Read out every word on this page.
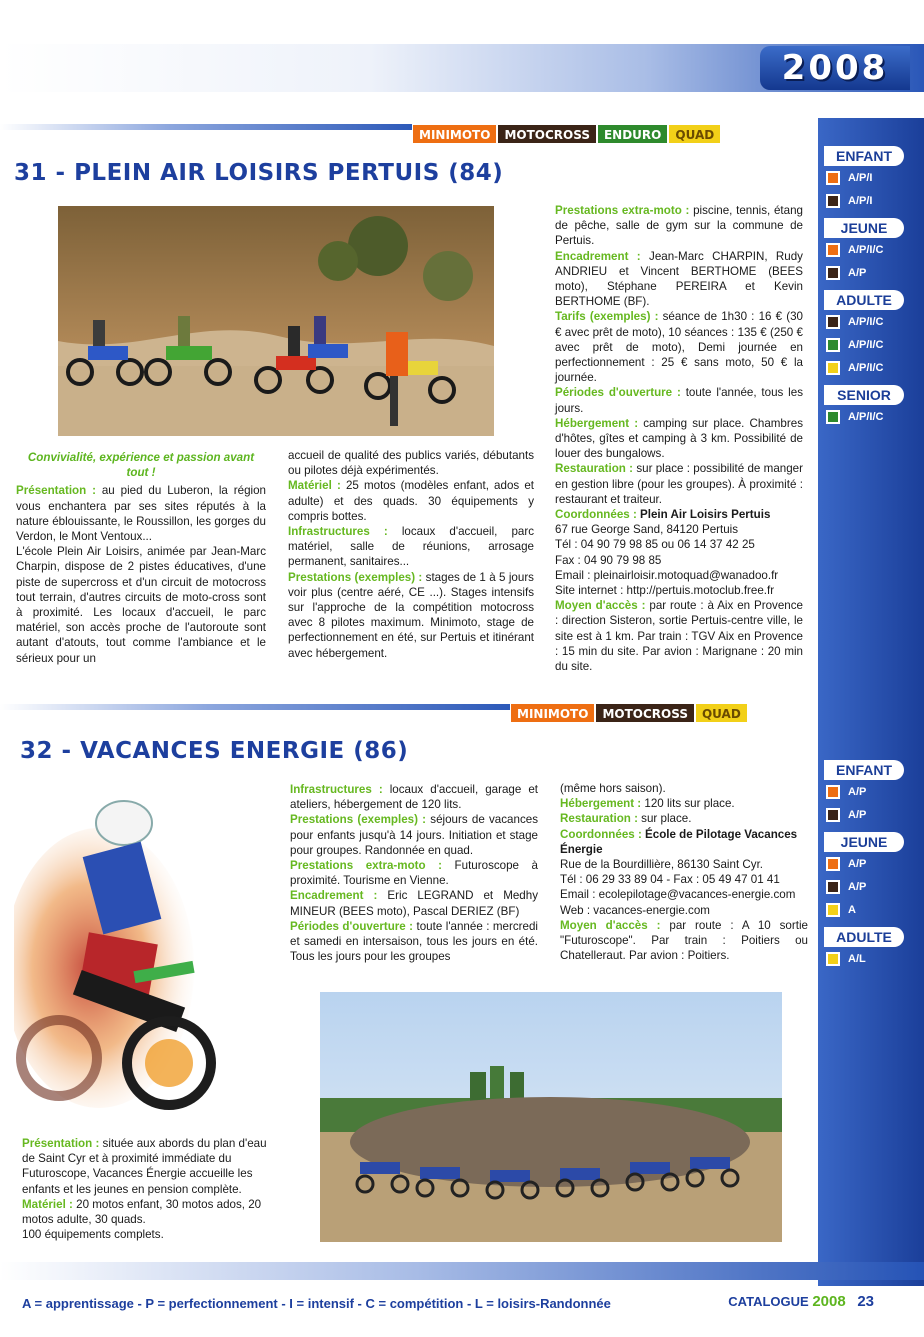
2008
MINIMOTO	MOTOCROSS	ENDURO	QUAD
31 - PLEIN AIR LOISIRS PERTUIS (84)

Convivialité, expérience et passion avant tout !

Présentation : au pied du Luberon, la région vous enchantera par ses sites réputés à la nature éblouissante, le Roussillon, les gorges du Verdon, le Mont Ventoux...

L'école Plein Air Loisirs, animée par Jean-Marc Charpin, dispose de 2 pistes éducatives, d'une piste de supercross et d'un circuit de motocross tout terrain, d'autres circuits de moto-cross sont à proximité. Les locaux d'accueil, le parc matériel, son accès proche de l'autoroute sont autant d'atouts, tout comme l'ambiance et le sérieux pour un

accueil de qualité des publics variés, débutants ou pilotes déjà expérimentés.

Matériel : 25 motos (modèles enfant, ados et adulte) et des quads. 30 équipements y compris bottes.

Infrastructures : locaux d'accueil, parc matériel, salle de réunions, arrosage permanent, sanitaires...

Prestations (exemples) : stages de 1 à 5 jours voir plus (centre aéré, CE ...). Stages intensifs sur l'approche de la compétition motocross avec 8 pilotes maximum. Minimoto, stage de perfectionnement en été, sur Pertuis et itinérant avec hébergement.

Prestations extra-moto : piscine, tennis, étang de pêche, salle de gym sur la commune de Pertuis.

Encadrement : Jean-Marc CHARPIN, Rudy ANDRIEU et Vincent BERTHOME (BEES moto), Stéphane PEREIRA et Kevin BERTHOME (BF).

Tarifs (exemples) : séance de 1h30 : 16 € (30 € avec prêt de moto), 10 séances : 135 € (250 € avec prêt de moto), Demi journée en perfectionnement : 25 € sans moto, 50 € la journée.

Périodes d'ouverture : toute l'année, tous les jours.

Hébergement : camping sur place. Chambres d'hôtes, gîtes et camping à 3 km. Possibilité de louer des bungalows.

Restauration : sur place : possibilité de manger en gestion libre (pour les groupes). À proximité : restaurant et traiteur.

Coordonnées : Plein Air Loisirs Pertuis

67 rue George Sand, 84120 Pertuis

Tél : 04 90 79 98 85 ou 06 14 37 42 25

Fax : 04 90 79 98 85

Email : pleinairloisir.motoquad@wanadoo.fr

Site internet : http://pertuis.motoclub.free.fr

Moyen d'accès : par route : à Aix en Provence : direction Sisteron, sortie Pertuis-centre ville, le site est à 1 km. Par train : TGV Aix en Provence : 15 min du site. Par avion : Marignane : 20 min du site.

ENFANT
A/P/I
A/P/I
JEUNE
A/P/I/C
A/P
ADULTE
A/P/I/C
A/P/I/C
A/P/I/C
SENIOR
A/P/I/C
MINIMOTO	MOTOCROSS	QUAD
32 - VACANCES ENERGIE (86)

Présentation : située aux abords du plan d'eau de Saint Cyr et à proximité immédiate du Futuroscope, Vacances Énergie accueille les enfants et les jeunes en pension complète.

Matériel : 20 motos enfant, 30 motos ados, 20 motos adulte, 30 quads.

100 équipements complets.

Infrastructures : locaux d'accueil, garage et ateliers, hébergement de 120 lits.

Prestations (exemples) : séjours de vacances pour enfants jusqu'à 14 jours. Initiation et stage pour groupes. Randonnée en quad.

Prestations extra-moto : Futuroscope à proximité. Tourisme en Vienne.

Encadrement : Eric LEGRAND et Medhy MINEUR (BEES moto), Pascal DERIEZ (BF)

Périodes d'ouverture : toute l'année : mercredi et samedi en intersaison, tous les jours en été. Tous les jours pour les groupes

(même hors saison).

Hébergement : 120 lits sur place.

Restauration : sur place.

Coordonnées : École de Pilotage Vacances Énergie

Rue de la Bourdillière, 86130 Saint Cyr.

Tél : 06 29 33 89 04 - Fax : 05 49 47 01 41

Email : ecolepilotage@vacances-energie.com

Web : vacances-energie.com

Moyen d'accès : par route : A 10 sortie "Futuroscope". Par train : Poitiers ou Chatelleraut. Par avion : Poitiers.

ENFANT
A/P
A/P
JEUNE
A/P
A/P
A
ADULTE
A/L
A = apprentissage - P = perfectionnement - I = intensif - C = compétition - L = loisirs-Randonnée	CATALOGUE 2008 23
